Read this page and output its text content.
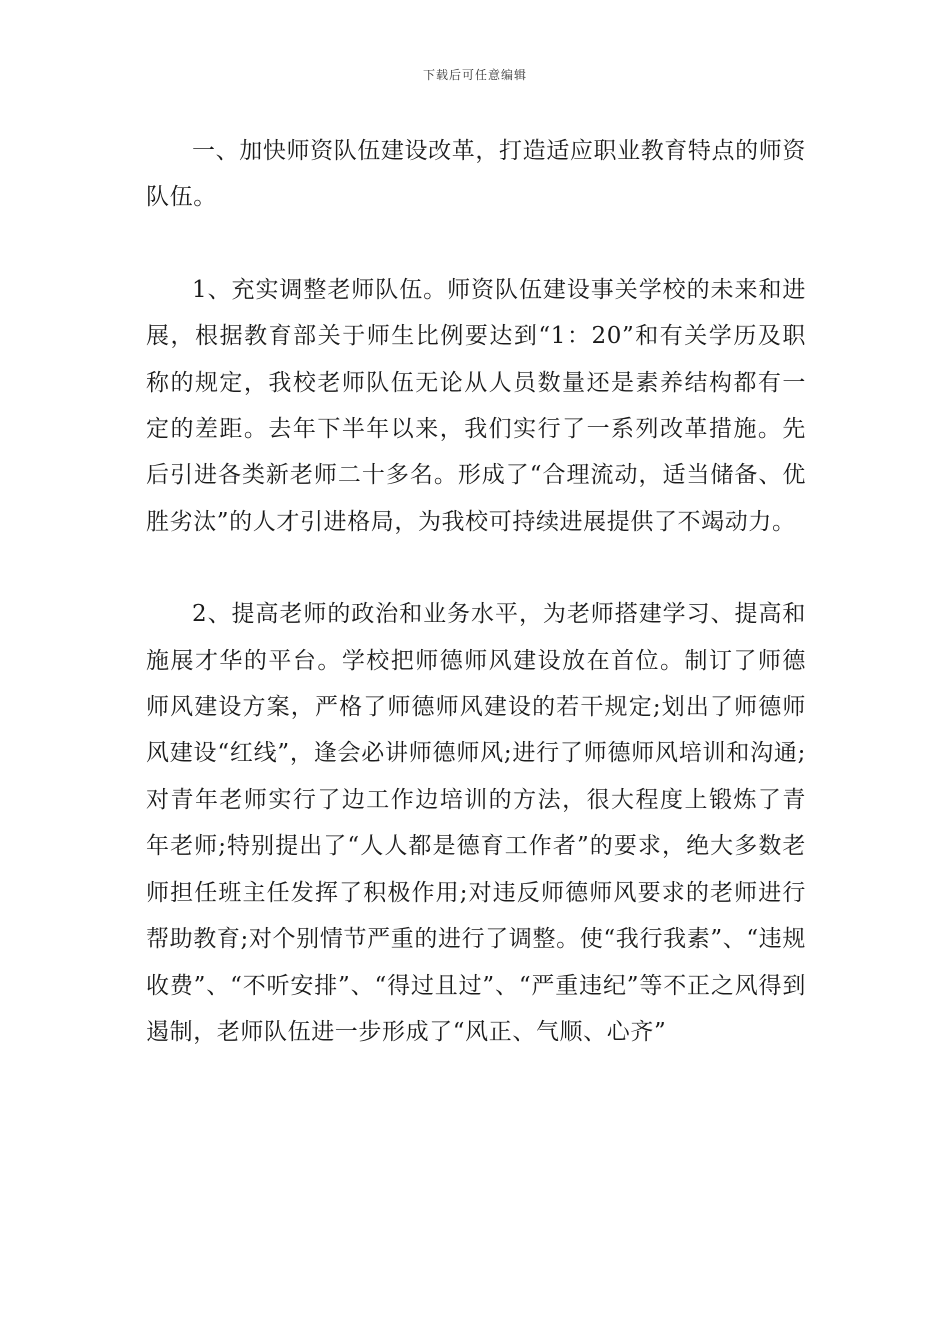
下载后可任意编辑

一、加快师资队伍建设改革，打造适应职业教育特点的师资队伍。

1、充实调整老师队伍。师资队伍建设事关学校的未来和进展，根据教育部关于师生比例要达到“1：20”和有关学历及职称的规定，我校老师队伍无论从人员数量还是素养结构都有一定的差距。去年下半年以来，我们实行了一系列改革措施。先后引进各类新老师二十多名。形成了“合理流动，适当储备、优胜劣汰”的人才引进格局，为我校可持续进展提供了不竭动力。

2、提高老师的政治和业务水平，为老师搭建学习、提高和施展才华的平台。学校把师德师风建设放在首位。制订了师德师风建设方案，严格了师德师风建设的若干规定;划出了师德师风建设“红线”，逢会必讲师德师风;进行了师德师风培训和沟通;对青年老师实行了边工作边培训的方法，很大程度上锻炼了青年老师;特别提出了“人人都是德育工作者”的要求，绝大多数老师担任班主任发挥了积极作用;对违反师德师风要求的老师进行帮助教育;对个别情节严重的进行了调整。使“我行我素”、“违规收费”、“不听安排”、“得过且过”、“严重违纪”等不正之风得到遏制，老师队伍进一步形成了“风正、气顺、心齐”
